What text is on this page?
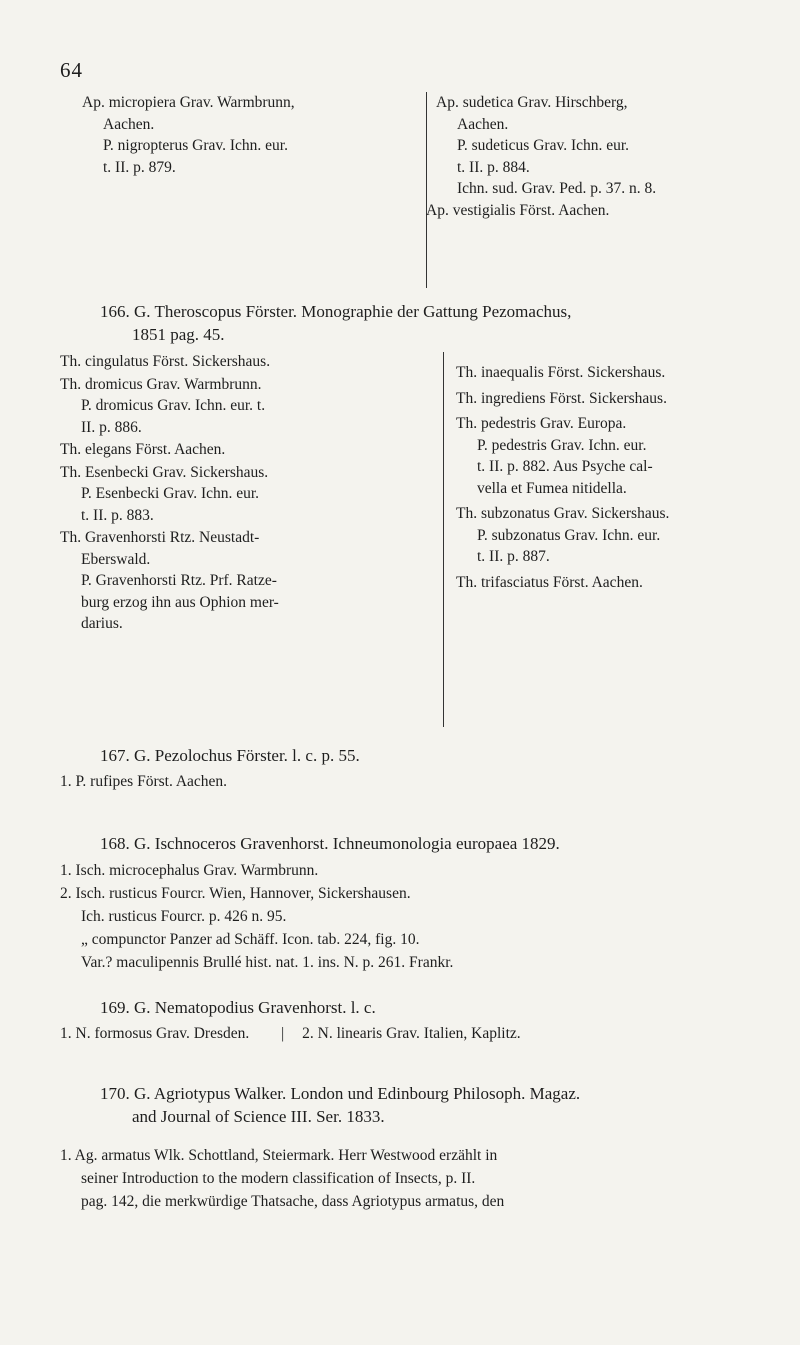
64
Ap. micropiera Grav. Warmbrunn,
Aachen.
P. nigropterus Grav. Ichn. eur.
t. II. p. 879.
Ap. sudetica Grav. Hirschberg,
Aachen.
P. sudeticus Grav. Ichn. eur.
t. II. p. 884.
Ichn. sud. Grav. Ped. p. 37. n. 8.
Ap. vestigialis Först. Aachen.
166. G. Theroscopus Förster. Monographie der Gattung Pezomachus,
1851 pag. 45.
Th. cingulatus Först. Sickershaus.
Th. dromicus Grav. Warmbrunn.
P. dromicus Grav. Ichn. eur. t.
II. p. 886.
Th. elegans Först. Aachen.
Th. Esenbecki Grav. Sickershaus.
P. Esenbecki Grav. Ichn. eur.
t. II. p. 883.
Th. Gravenhorsti Rtz. Neustadt-
Eberswald.
P. Gravenhorsti Rtz. Prf. Ratze-
burg erzog ihn aus Ophion mer-
darius.
Th. inaequalis Först. Sickershaus.
Th. ingrediens Först. Sickershaus.
Th. pedestris Grav. Europa.
P. pedestris Grav. Ichn. eur.
t. II. p. 882. Aus Psyche cal-
vella et Fumea nitidella.
Th. subzonatus Grav. Sickershaus.
P. subzonatus Grav. Ichn. eur.
t. II. p. 887.
Th. trifasciatus Först. Aachen.
167. G. Pezolochus Förster. l. c. p. 55.
1. P. rufipes Först. Aachen.
168. G. Ischnoceros Gravenhorst. Ichneumonologia europaea 1829.
1. Isch. microcephalus Grav. Warmbrunn.
2. Isch. rusticus Fourcr. Wien, Hannover, Sickershausen.
Ich. rusticus Fourcr. p. 426 n. 95.
„ compunctor Panzer ad Schäff. Icon. tab. 224, fig. 10.
Var.? maculipennis Brullé hist. nat. 1. ins. N. p. 261. Frankr.
169. G. Nematopodius Gravenhorst. l. c.
1. N. formosus Grav. Dresden. | 2. N. linearis Grav. Italien, Kaplitz.
170. G. Agriotypus Walker. London und Edinbourg Philosoph. Magaz.
and Journal of Science III. Ser. 1833.
1. Ag. armatus Wlk. Schottland, Steiermark. Herr Westwood erzählt in
seiner Introduction to the modern classification of Insects, p. II.
pag. 142, die merkwürdige Thatsache, dass Agriotypus armatus, den
